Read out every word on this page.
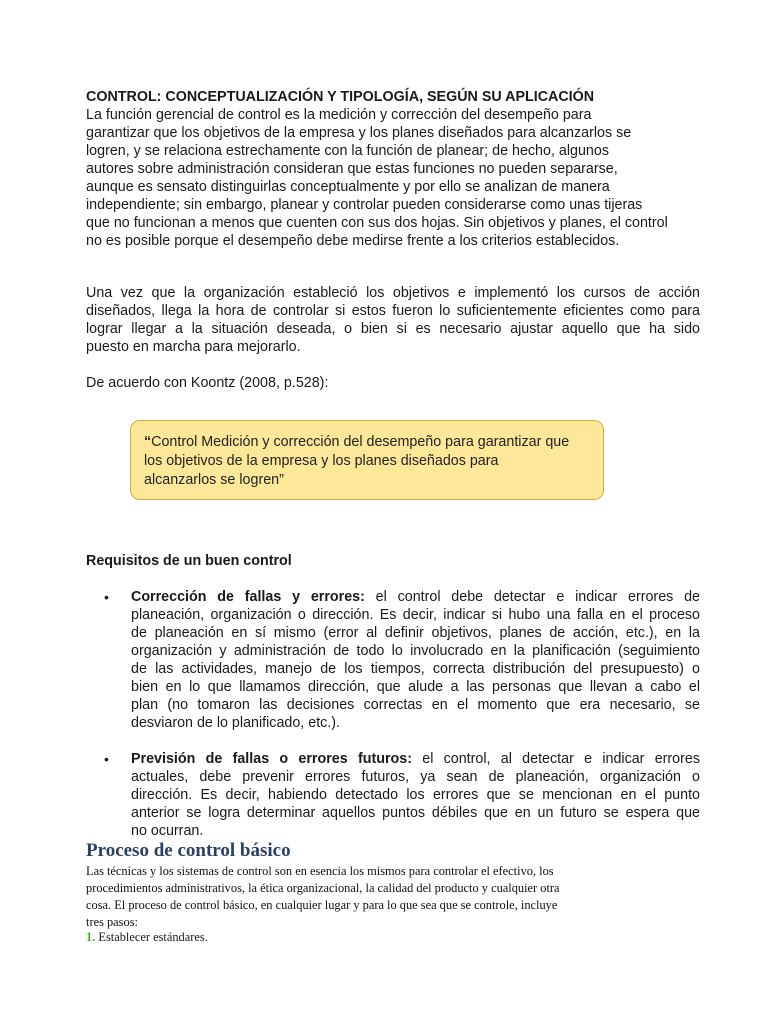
CONTROL: CONCEPTUALIZACIÓN Y TIPOLOGÍA, SEGÚN SU APLICACIÓN
La función gerencial de control es la medición y corrección del desempeño para
garantizar que los objetivos de la empresa y los planes diseñados para alcanzarlos se
logren, y se relaciona estrechamente con la función de planear; de hecho, algunos
autores sobre administración consideran que estas funciones no pueden separarse,
aunque es sensato distinguirlas conceptualmente y por ello se analizan de manera
independiente; sin embargo, planear y controlar pueden considerarse como unas tijeras
que no funcionan a menos que cuenten con sus dos hojas. Sin objetivos y planes, el control
no es posible porque el desempeño debe medirse frente a los criterios establecidos.
Una vez que la organización estableció los objetivos e implementó los cursos de acción
diseñados, llega la hora de controlar si estos fueron lo suficientemente eficientes como para
lograr llegar a la situación deseada, o bien si es necesario ajustar aquello que ha sido
puesto en marcha para mejorarlo.
De acuerdo con Koontz (2008, p.528):
“Control Medición y corrección del desempeño para garantizar que
los objetivos de la empresa y los planes diseñados para
alcanzarlos se logren”
Requisitos de un buen control
•	Corrección de fallas y errores: el control debe detectar e indicar errores de
planeación, organización o dirección. Es decir, indicar si hubo una falla en el proceso
de planeación en sí mismo (error al definir objetivos, planes de acción, etc.), en la
organización y administración de todo lo involucrado en la planificación (seguimiento
de las actividades, manejo de los tiempos, correcta distribución del presupuesto) o
bien en lo que llamamos dirección, que alude a las personas que llevan a cabo el
plan (no tomaron las decisiones correctas en el momento que era necesario, se
desviaron de lo planificado, etc.).
•	Previsión de fallas o errores futuros: el control, al detectar e indicar errores
actuales, debe prevenir errores futuros, ya sean de planeación, organización o
dirección. Es decir, habiendo detectado los errores que se mencionan en el punto
anterior se logra determinar aquellos puntos débiles que en un futuro se espera que
no ocurran.
Proceso de control básico
Las técnicas y los sistemas de control son en esencia los mismos para controlar el efectivo, los
procedimientos administrativos, la ética organizacional, la calidad del producto y cualquier otra
cosa. El proceso de control básico, en cualquier lugar y para lo que sea que se controle, incluye
tres pasos:
1. Establecer estándares.
